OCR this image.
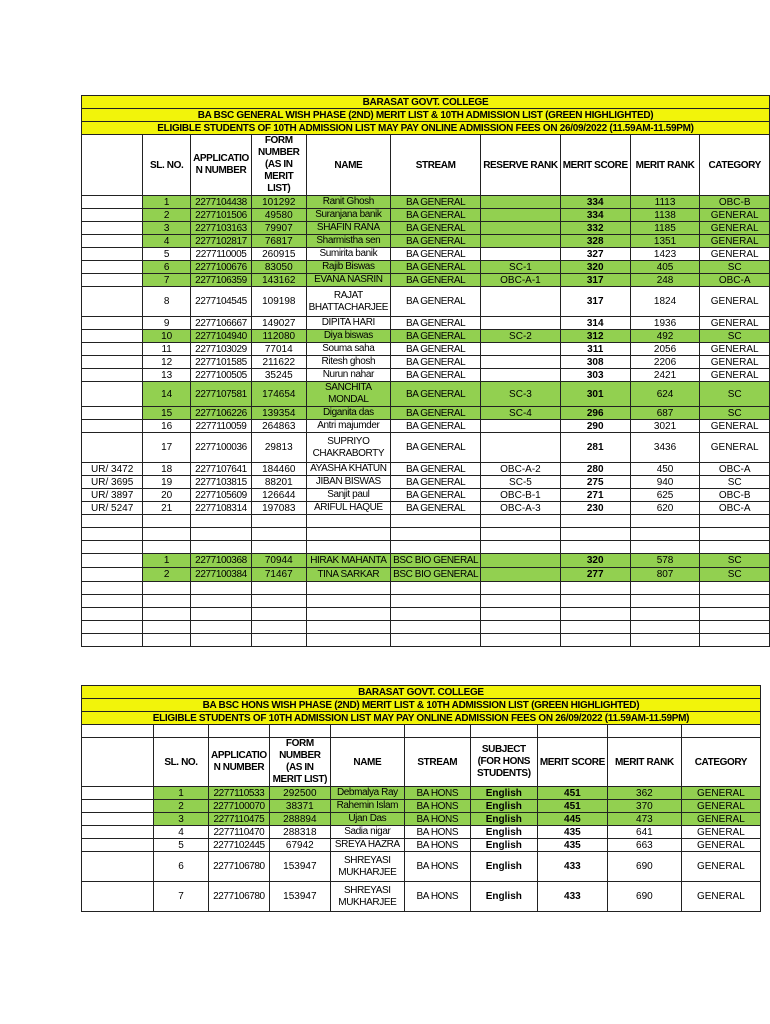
BARASAT GOVT. COLLEGE									
BA BSC GENERAL WISH PHASE (2ND) MERIT LIST & 10TH ADMISSION LIST (GREEN HIGHLIGHTED)									
ELIGIBLE STUDENTS OF 10TH ADMISSION LIST MAY PAY ONLINE ADMISSION FEES ON 26/09/2022 (11.59AM-11.59PM)									
	SL. NO.	APPLICATIO N NUMBER	FORM NUMBER (AS IN MERIT LIST)	NAME	STREAM	RESERVE RANK	MERIT SCORE	MERIT RANK	CATEGORY
	1	2277104438	101292	Ranit Ghosh	BA GENERAL		334	1113	OBC-B
	2	2277101506	49580	Suranjana banik	BA GENERAL		334	1138	GENERAL
	3	2277103163	79907	SHAFIN RANA	BA GENERAL		332	1185	GENERAL
	4	2277102817	76817	Sharmistha sen	BA GENERAL		328	1351	GENERAL
	5	2277110005	260915	Sumirita banik	BA GENERAL		327	1423	GENERAL
	6	2277100676	83050	Rajib Biswas	BA GENERAL	SC-1	320	405	SC
	7	2277106359	143162	EVANA NASRIN	BA GENERAL	OBC-A-1	317	248	OBC-A
	8	2277104545	109198	RAJAT BHATTACHARJEE	BA GENERAL		317	1824	GENERAL
	9	2277106667	149027	DIPITA HARI	BA GENERAL		314	1936	GENERAL
	10	2277104940	112080	Diya biswas	BA GENERAL	SC-2	312	492	SC
	11	2277103029	77014	Souma saha	BA GENERAL		311	2056	GENERAL
	12	2277101585	211622	Ritesh ghosh	BA GENERAL		308	2206	GENERAL
	13	2277100505	35245	Nurun nahar	BA GENERAL		303	2421	GENERAL
	14	2277107581	174654	SANCHITA MONDAL	BA GENERAL	SC-3	301	624	SC
	15	2277106226	139354	Diganita das	BA GENERAL	SC-4	296	687	SC
	16	2277110059	264863	Antri majumder	BA GENERAL		290	3021	GENERAL
	17	2277100036	29813	SUPRIYO CHAKRABORTY	BA GENERAL		281	3436	GENERAL
UR/ 3472	18	2277107641	184460	AYASHA KHATUN	BA GENERAL	OBC-A-2	280	450	OBC-A
UR/ 3695	19	2277103815	88201	JIBAN BISWAS	BA GENERAL	SC-5	275	940	SC
UR/ 3897	20	2277105609	126644	Sanjit paul	BA GENERAL	OBC-B-1	271	625	OBC-B
UR/ 5247	21	2277108314	197083	ARIFUL HAQUE	BA GENERAL	OBC-A-3	230	620	OBC-A

	1	2277100368	70944	HIRAK MAHANTA	BSC BIO GENERAL		320	578	SC
	2	2277100384	71467	TINA SARKAR	BSC BIO GENERAL		277	807	SC

BARASAT GOVT. COLLEGE									
BA BSC HONS WISH PHASE (2ND) MERIT LIST & 10TH ADMISSION LIST (GREEN HIGHLIGHTED)									
ELIGIBLE STUDENTS OF 10TH ADMISSION LIST MAY PAY ONLINE ADMISSION FEES ON 26/09/2022 (11.59AM-11.59PM)									

	SL. NO.	APPLICATIO N NUMBER	FORM NUMBER (AS IN MERIT LIST)	NAME	STREAM	SUBJECT (FOR HONS STUDENTS)	MERIT SCORE	MERIT RANK	CATEGORY
	1	2277110533	292500	Debmalya Ray	BA HONS	English	451	362	GENERAL
	2	2277100070	38371	Rahemin Islam	BA HONS	English	451	370	GENERAL
	3	2277110475	288894	Ujan Das	BA HONS	English	445	473	GENERAL
	4	2277110470	288318	Sadia nigar	BA HONS	English	435	641	GENERAL
	5	2277102445	67942	SREYA HAZRA	BA HONS	English	435	663	GENERAL
	6	2277106780	153947	SHREYASI MUKHARJEE	BA HONS	English	433	690	GENERAL
	7	2277106780	153947	SHREYASI MUKHARJEE	BA HONS	English	433	690	GENERAL
